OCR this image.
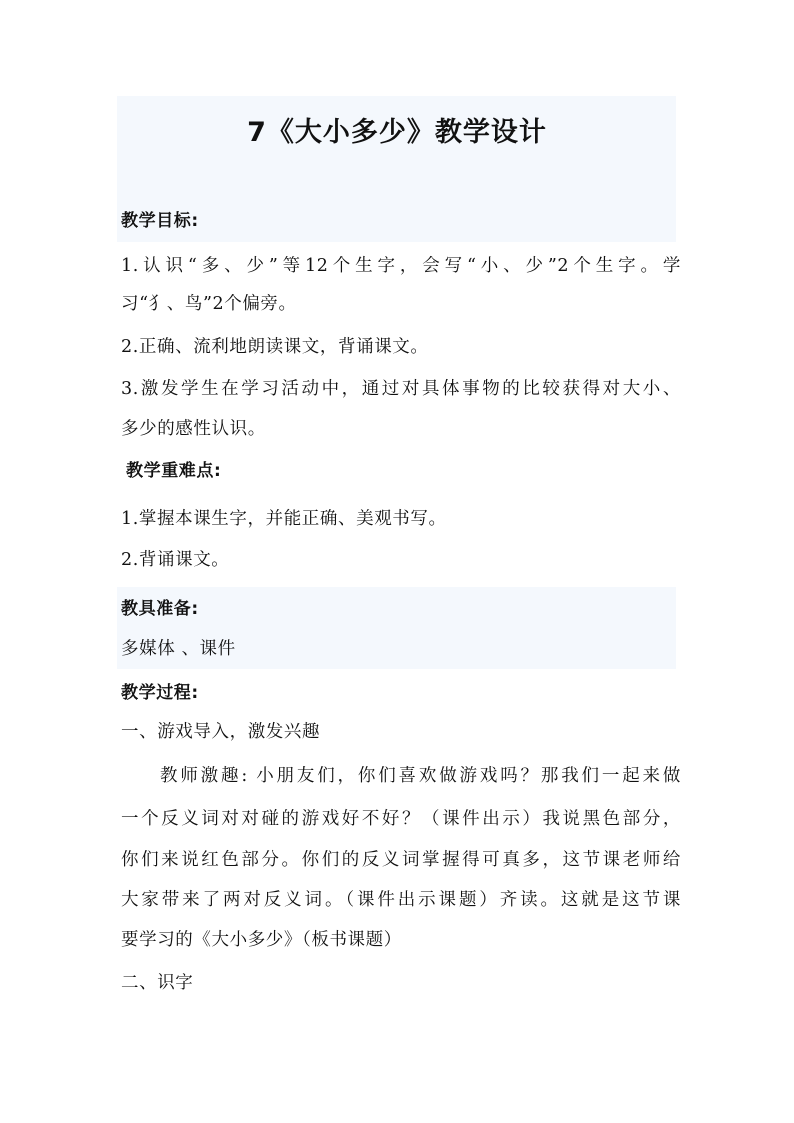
7《大小多少》教学设计
教学目标:
1.认识“多、少”等12个生字，会写“小、少”2个生字。学
习“犭、鸟”2个偏旁。
2.正确、流利地朗读课文，背诵课文。
3.激发学生在学习活动中，通过对具体事物的比较获得对大小、
多少的感性认识。
教学重难点:
1.掌握本课生字，并能正确、美观书写。
2.背诵课文。
教具准备:
多媒体 、课件
教学过程:
一、游戏导入，激发兴趣
教师激趣: 小朋友们，你们喜欢做游戏吗？那我们一起来做
一个反义词对对碰的游戏好不好？（课件出示）我说黑色部分，
你们来说红色部分。你们的反义词掌握得可真多，这节课老师给
大家带来了两对反义词。（课件出示课题）齐读。这就是这节课
要学习的《大小多少》（板书课题）
二、识字
